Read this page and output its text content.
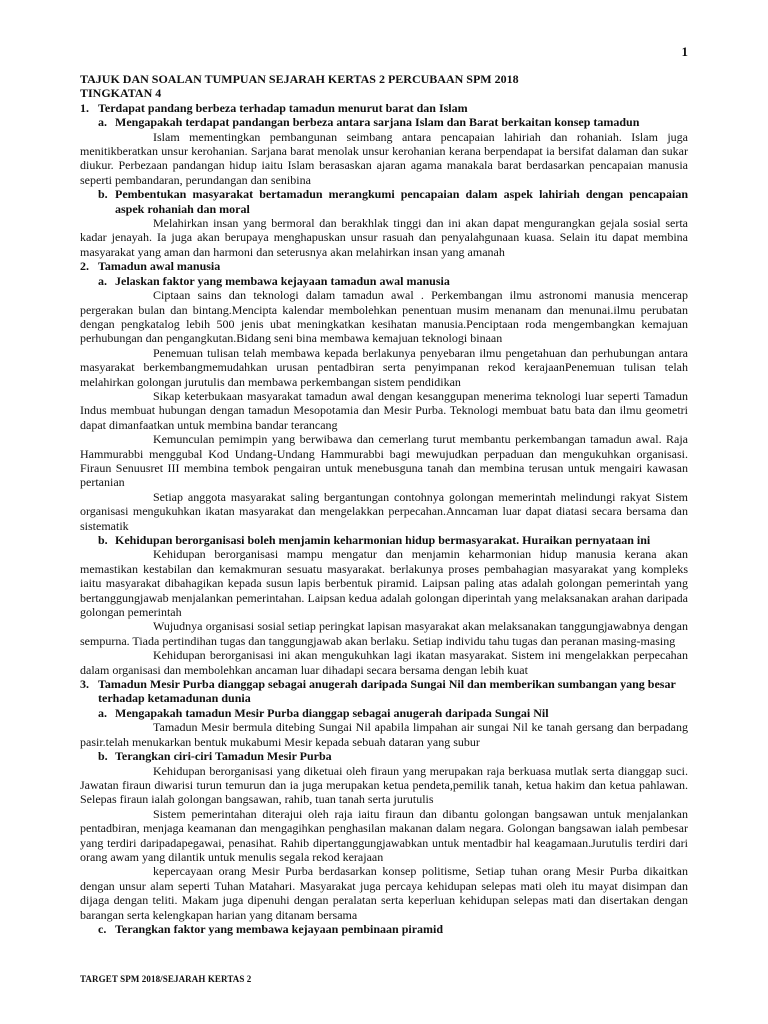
1

TAJUK DAN SOALAN TUMPUAN SEJARAH KERTAS 2 PERCUBAAN SPM 2018

TINGKATAN 4

1. Terdapat pandang berbeza terhadap tamadun menurut barat dan Islam
a. Mengapakah terdapat pandangan berbeza antara sarjana Islam dan Barat berkaitan konsep tamadun

Islam mementingkan pembangunan seimbang antara pencapaian lahiriah dan rohaniah. Islam juga menitikberatkan unsur kerohanian. Sarjana barat menolak unsur kerohanian kerana berpendapat ia bersifat dalaman dan sukar diukur. Perbezaan pandangan hidup iaitu Islam berasaskan ajaran agama manakala barat berdasarkan pencapaian manusia seperti pembandaran, perundangan dan senibina

b. Pembentukan masyarakat bertamadun merangkumi pencapaian dalam aspek lahiriah dengan pencapaian aspek rohaniah dan moral

Melahirkan insan yang bermoral dan berakhlak tinggi dan ini akan dapat mengurangkan gejala sosial serta kadar jenayah. Ia juga akan berupaya menghapuskan unsur rasuah dan penyalahgunaan kuasa. Selain itu dapat membina masyarakat yang aman dan harmoni dan seterusnya akan melahirkan insan yang amanah

2. Tamadun awal manusia
a. Jelaskan faktor yang membawa kejayaan tamadun awal manusia

Ciptaan sains dan teknologi dalam tamadun awal . Perkembangan ilmu astronomi manusia mencerap pergerakan bulan dan bintang.Mencipta kalendar membolehkan penentuan musim menanam dan menunai.ilmu perubatan dengan pengkatalog lebih 500 jenis ubat meningkatkan kesihatan manusia.Penciptaan roda mengembangkan kemajuan perhubungan dan pengangkutan.Bidang seni bina membawa kemajuan teknologi binaan

Penemuan tulisan telah membawa kepada berlakunya penyebaran ilmu pengetahuan dan perhubungan antara masyarakat berkembangmemudahkan urusan pentadbiran serta penyimpanan rekod kerajaanPenemuan tulisan telah melahirkan golongan jurutulis dan membawa perkembangan sistem pendidikan

Sikap keterbukaan masyarakat tamadun awal dengan kesanggupan menerima teknologi luar seperti Tamadun Indus membuat hubungan dengan tamadun Mesopotamia dan Mesir Purba. Teknologi membuat batu bata dan ilmu geometri dapat dimanfaatkan untuk membina bandar terancang

Kemunculan pemimpin yang berwibawa dan cemerlang turut membantu perkembangan tamadun awal. Raja Hammurabbi menggubal Kod Undang-Undang Hammurabbi bagi mewujudkan perpaduan dan mengukuhkan organisasi. Firaun Senuusret III membina tembok pengairan untuk menebusguna tanah dan membina terusan untuk mengairi kawasan pertanian

Setiap anggota masyarakat saling bergantungan contohnya golongan memerintah melindungi rakyat Sistem organisasi mengukuhkan ikatan masyarakat dan mengelakkan perpecahan.Anncaman luar dapat diatasi secara bersama dan sistematik

b. Kehidupan berorganisasi boleh menjamin keharmonian hidup bermasyarakat. Huraikan pernyataan ini

Kehidupan berorganisasi mampu mengatur dan menjamin keharmonian hidup manusia kerana akan memastikan kestabilan dan kemakmuran sesuatu masyarakat. berlakunya proses pembahagian masyarakat yang kompleks iaitu masyarakat dibahagikan kepada susun lapis berbentuk piramid. Laipsan paling atas adalah golongan pemerintah yang bertanggungjawab menjalankan pemerintahan. Laipsan kedua adalah golongan diperintah yang melaksanakan arahan daripada golongan pemerintah

Wujudnya organisasi sosial setiap peringkat lapisan masyarakat akan melaksanakan tanggungjawabnya dengan sempurna. Tiada pertindihan tugas dan tanggungjawab akan berlaku. Setiap individu tahu tugas dan peranan masing-masing

Kehidupan berorganisasi ini akan mengukuhkan lagi ikatan masyarakat. Sistem ini mengelakkan perpecahan dalam organisasi dan membolehkan ancaman luar dihadapi secara bersama dengan lebih kuat

3. Tamadun Mesir Purba dianggap sebagai anugerah daripada Sungai Nil dan memberikan sumbangan yang besar terhadap ketamadunan dunia
a. Mengapakah tamadun Mesir Purba dianggap sebagai anugerah daripada Sungai Nil

Tamadun Mesir bermula ditebing Sungai Nil apabila limpahan air sungai Nil ke tanah gersang dan berpadang pasir.telah menukarkan bentuk mukabumi Mesir kepada sebuah dataran yang subur

b. Terangkan ciri-ciri Tamadun Mesir Purba

Kehidupan berorganisasi yang diketuai oleh firaun yang merupakan raja berkuasa mutlak serta dianggap suci. Jawatan firaun diwarisi turun temurun dan ia juga merupakan ketua pendeta,pemilik tanah, ketua hakim dan ketua pahlawan. Selepas firaun ialah golongan bangsawan, rahib, tuan tanah serta jurutulis

Sistem pemerintahan diterajui oleh raja iaitu firaun dan dibantu golongan bangsawan untuk menjalankan pentadbiran, menjaga keamanan dan mengagihkan penghasilan makanan dalam negara. Golongan bangsawan ialah pembesar yang terdiri daripadapegawai, penasihat. Rahib dipertanggungjawabkan untuk mentadbir hal keagamaan.Jurutulis terdiri dari orang awam yang dilantik untuk menulis segala rekod kerajaan

kepercayaan orang Mesir Purba berdasarkan konsep politisme, Setiap tuhan orang Mesir Purba dikaitkan dengan unsur alam seperti Tuhan Matahari. Masyarakat juga percaya kehidupan selepas mati oleh itu mayat disimpan dan dijaga dengan teliti. Makam juga dipenuhi dengan peralatan serta keperluan kehidupan selepas mati dan disertakan dengan barangan serta kelengkapan harian yang ditanam bersama

c. Terangkan faktor yang membawa kejayaan pembinaan piramid
TARGET SPM 2018/SEJARAH KERTAS 2
